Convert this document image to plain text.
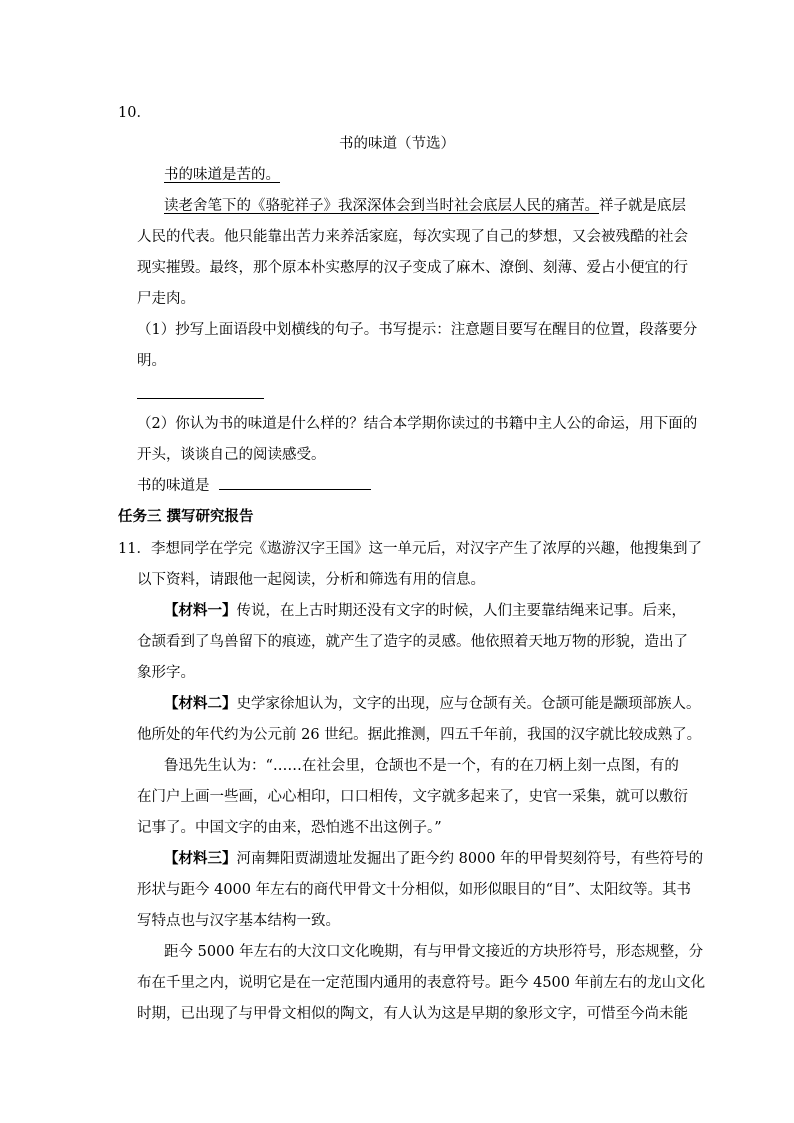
10．
书的味道（节选）
书的味道是苦的。
读老舍笔下的《骆驼祥子》我深深体会到当时社会底层人民的痛苦。祥子就是底层
人民的代表。他只能靠出苦力来养活家庭，每次实现了自己的梦想，又会被残酷的社会
现实摧毁。最终，那个原本朴实憨厚的汉子变成了麻木、潦倒、刻薄、爱占小便宜的行
尸走肉。
（1）抄写上面语段中划横线的句子。书写提示：注意题目要写在醒目的位置，段落要分
明。
（2）你认为书的味道是什么样的？结合本学期你读过的书籍中主人公的命运，用下面的
开头，谈谈自己的阅读感受。
书的味道是
任务三 撰写研究报告
11．李想同学在学完《遨游汉字王国》这一单元后，对汉字产生了浓厚的兴趣，他搜集到了
以下资料，请跟他一起阅读，分析和筛选有用的信息。
【材料一】传说，在上古时期还没有文字的时候，人们主要靠结绳来记事。后来，
仓颉看到了鸟兽留下的痕迹，就产生了造字的灵感。他依照着天地万物的形貌，造出了
象形字。
【材料二】史学家徐旭认为，文字的出现，应与仓颉有关。仓颉可能是颛顼部族人。
他所处的年代约为公元前 26 世纪。据此推测，四五千年前，我国的汉字就比较成熟了。
鲁迅先生认为：“……在社会里，仓颉也不是一个，有的在刀柄上刻一点图，有的
在门户上画一些画，心心相印，口口相传，文字就多起来了，史官一采集，就可以敷衍
记事了。中国文字的由来，恐怕逃不出这例子。”
【材料三】河南舞阳贾湖遗址发掘出了距今约 8000 年的甲骨契刻符号，有些符号的
形状与距今 4000 年左右的商代甲骨文十分相似，如形似眼目的“目”、太阳纹等。其书
写特点也与汉字基本结构一致。
距今 5000 年左右的大汶口文化晚期，有与甲骨文接近的方块形符号，形态规整，分
布在千里之内，说明它是在一定范围内通用的表意符号。距今 4500 年前左右的龙山文化
时期，已出现了与甲骨文相似的陶文，有人认为这是早期的象形文字，可惜至今尚未能
